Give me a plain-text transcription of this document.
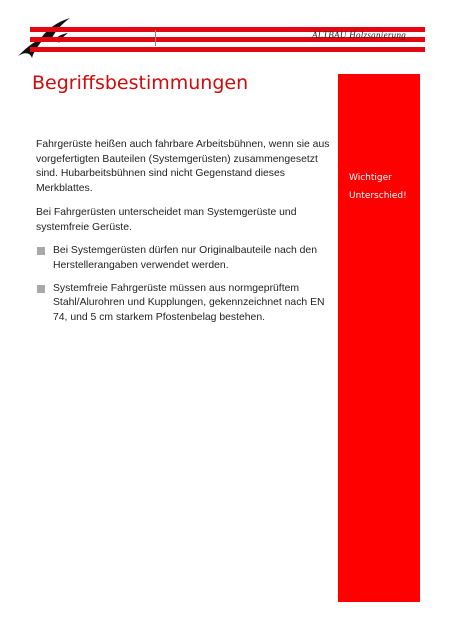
ALTBAU Holzsanierung
Begriffsbestimmungen

Fahrgerüste heißen auch fahrbare Arbeitsbühnen, wenn sie aus vorgefertigten Bauteilen (Systemgerüsten) zusammengesetzt sind. Hubarbeitsbühnen sind nicht Gegenstand dieses Merkblattes.

Bei Fahrgerüsten unterscheidet man Systemgerüste und systemfreie Gerüste.

Bei Systemgerüsten dürfen nur Originalbauteile nach den Herstellerangaben verwendet werden.
Systemfreie Fahrgerüste müssen aus normgeprüftem Stahl/Alurohren und Kupplungen, gekennzeichnet nach EN 74, und 5 cm starkem Pfostenbelag bestehen.
Wichtiger Unterschied!
